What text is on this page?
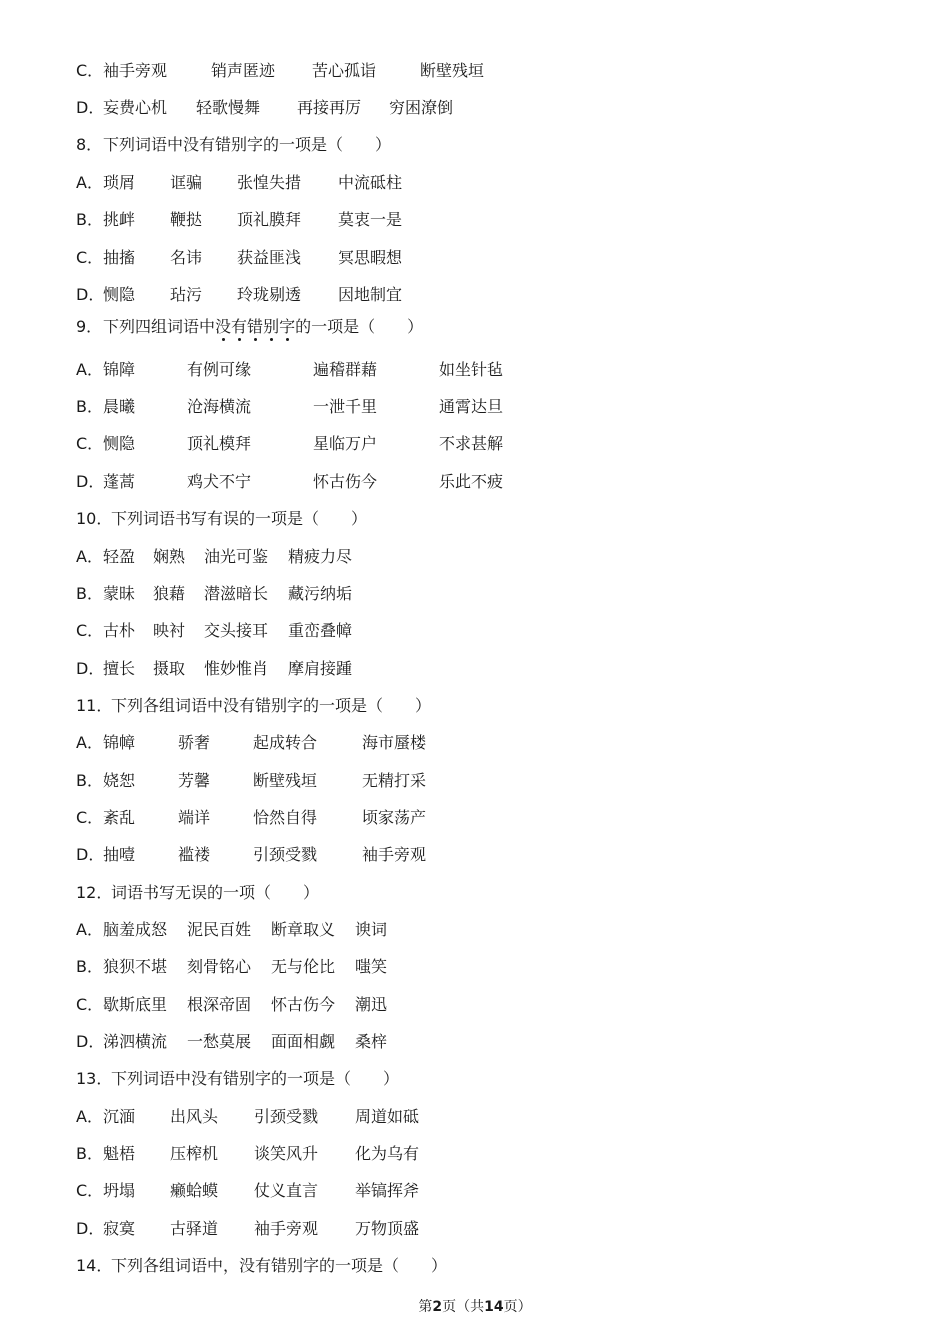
C．袖手旁观	销声匿迹 苦心孤诣	断壁残垣
D．妄费心机 轻歌慢舞 再接再厉 穷困潦倒
8．下列词语中没有错别字的一项是（　　）
A．琐屑 诓骗 张惶失措 中流砥柱
B．挑衅 鞭挞 顶礼膜拜 莫衷一是
C．抽搐 名讳 获益匪浅 冥思暇想
D．恻隐 玷污 玲珑剔透 因地制宜
9．下列四组词语中没有错别字的一项是（　　）
A．锦障	有例可缘	遍稽群藉	如坐针毡
B．晨曦	沧海横流	一泄千里	通霄达旦
C．恻隐	顶礼模拜	星临万户	不求甚解
D．蓬蒿	鸡犬不宁	怀古伤今	乐此不疲
10．下列词语书写有误的一项是（　　）
A．轻盈 娴熟 油光可鉴 精疲力尽
B．蒙昧 狼藉 潜滋暗长 藏污纳垢
C．古朴 映衬 交头接耳 重峦叠幛
D．擅长 摄取 惟妙惟肖 摩肩接踵
11．下列各组词语中没有错别字的一项是（　　）
A．锦幛	骄奢	起成转合	海市蜃楼
B．娆恕	芳馨	断壁残垣	无精打采
C．紊乱	端详	恰然自得	顷家荡产
D．抽噎	褴褛	引颈受戮	袖手旁观
12．词语书写无误的一项（　　）
A．脑羞成怒 泥民百姓 断章取义 谀词
B．狼狈不堪 刻骨铭心 无与伦比 嗤笑
C．歇斯底里 根深帝固 怀古伤今 潮迅
D．涕泗横流 一愁莫展 面面相觑 桑梓
13．下列词语中没有错别字的一项是（　　）
A．沉湎 出风头 引颈受戮 周道如砥
B．魁梧 压榨机 谈笑风升 化为乌有
C．坍塌 癞蛤蟆 仗义直言 举镐挥斧
D．寂寞 古驿道 袖手旁观 万物顶盛
14．下列各组词语中，没有错别字的一项是（　　）
第2页（共14页）
